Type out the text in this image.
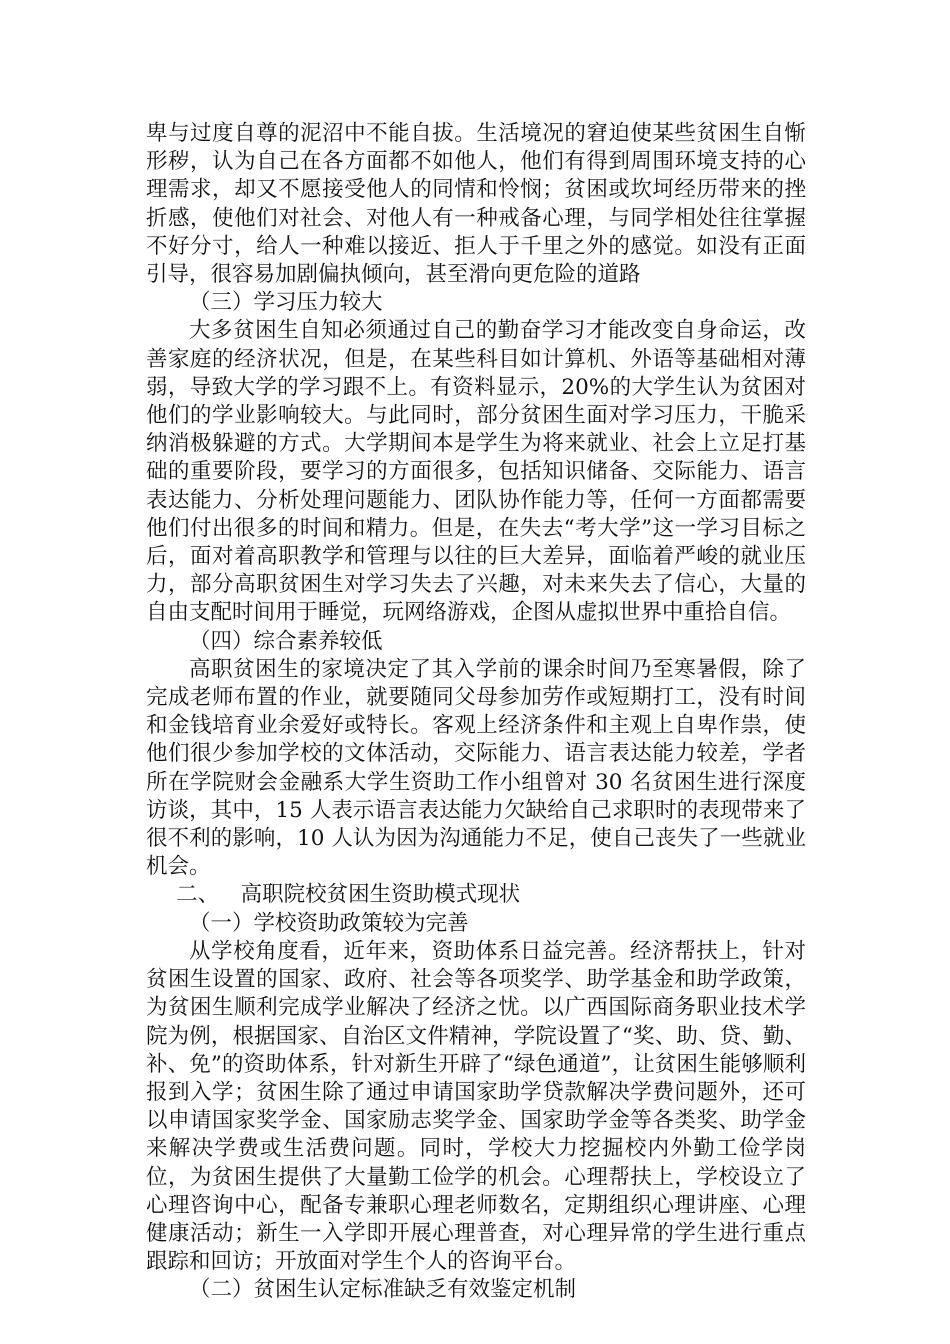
卑与过度自尊的泥沼中不能自拔。生活境况的窘迫使某些贫困生自惭形秽，认为自己在各方面都不如他人，他们有得到周围环境支持的心理需求，却又不愿接受他人的同情和怜悯；贫困或坎坷经历带来的挫折感，使他们对社会、对他人有一种戒备心理，与同学相处往往掌握不好分寸，给人一种难以接近、拒人于千里之外的感觉。如没有正面引导，很容易加剧偏执倾向，甚至滑向更危险的道路

（三）学习压力较大

大多贫困生自知必须通过自己的勤奋学习才能改变自身命运，改善家庭的经济状况，但是，在某些科目如计算机、外语等基础相对薄弱，导致大学的学习跟不上。有资料显示，20%的大学生认为贫困对他们的学业影响较大。与此同时，部分贫困生面对学习压力，干脆采纳消极躲避的方式。大学期间本是学生为将来就业、社会上立足打基础的重要阶段，要学习的方面很多，包括知识储备、交际能力、语言表达能力、分析处理问题能力、团队协作能力等，任何一方面都需要他们付出很多的时间和精力。但是，在失去“考大学”这一学习目标之后，面对着高职教学和管理与以往的巨大差异，面临着严峻的就业压力，部分高职贫困生对学习失去了兴趣，对未来失去了信心，大量的自由支配时间用于睡觉，玩网络游戏，企图从虚拟世界中重拾自信。

（四）综合素养较低

高职贫困生的家境决定了其入学前的课余时间乃至寒暑假，除了完成老师布置的作业，就要随同父母参加劳作或短期打工，没有时间和金钱培育业余爱好或特长。客观上经济条件和主观上自卑作祟，使他们很少参加学校的文体活动，交际能力、语言表达能力较差，学者所在学院财会金融系大学生资助工作小组曾对 30 名贫困生进行深度访谈，其中，15 人表示语言表达能力欠缺给自己求职时的表现带来了很不利的影响，10 人认为因为沟通能力不足，使自己丧失了一些就业机会。

二、 高职院校贫困生资助模式现状

（一）学校资助政策较为完善

从学校角度看，近年来，资助体系日益完善。经济帮扶上，针对贫困生设置的国家、政府、社会等各项奖学、助学基金和助学政策，为贫困生顺利完成学业解决了经济之忧。以广西国际商务职业技术学院为例，根据国家、自治区文件精神，学院设置了“奖、助、贷、勤、补、免”的资助体系，针对新生开辟了“绿色通道”，让贫困生能够顺利报到入学；贫困生除了通过申请国家助学贷款解决学费问题外，还可以申请国家奖学金、国家励志奖学金、国家助学金等各类奖、助学金来解决学费或生活费问题。同时，学校大力挖掘校内外勤工俭学岗位，为贫困生提供了大量勤工俭学的机会。心理帮扶上，学校设立了心理咨询中心，配备专兼职心理老师数名，定期组织心理讲座、心理健康活动；新生一入学即开展心理普查，对心理异常的学生进行重点跟踪和回访；开放面对学生个人的咨询平台。

（二）贫困生认定标准缺乏有效鉴定机制
